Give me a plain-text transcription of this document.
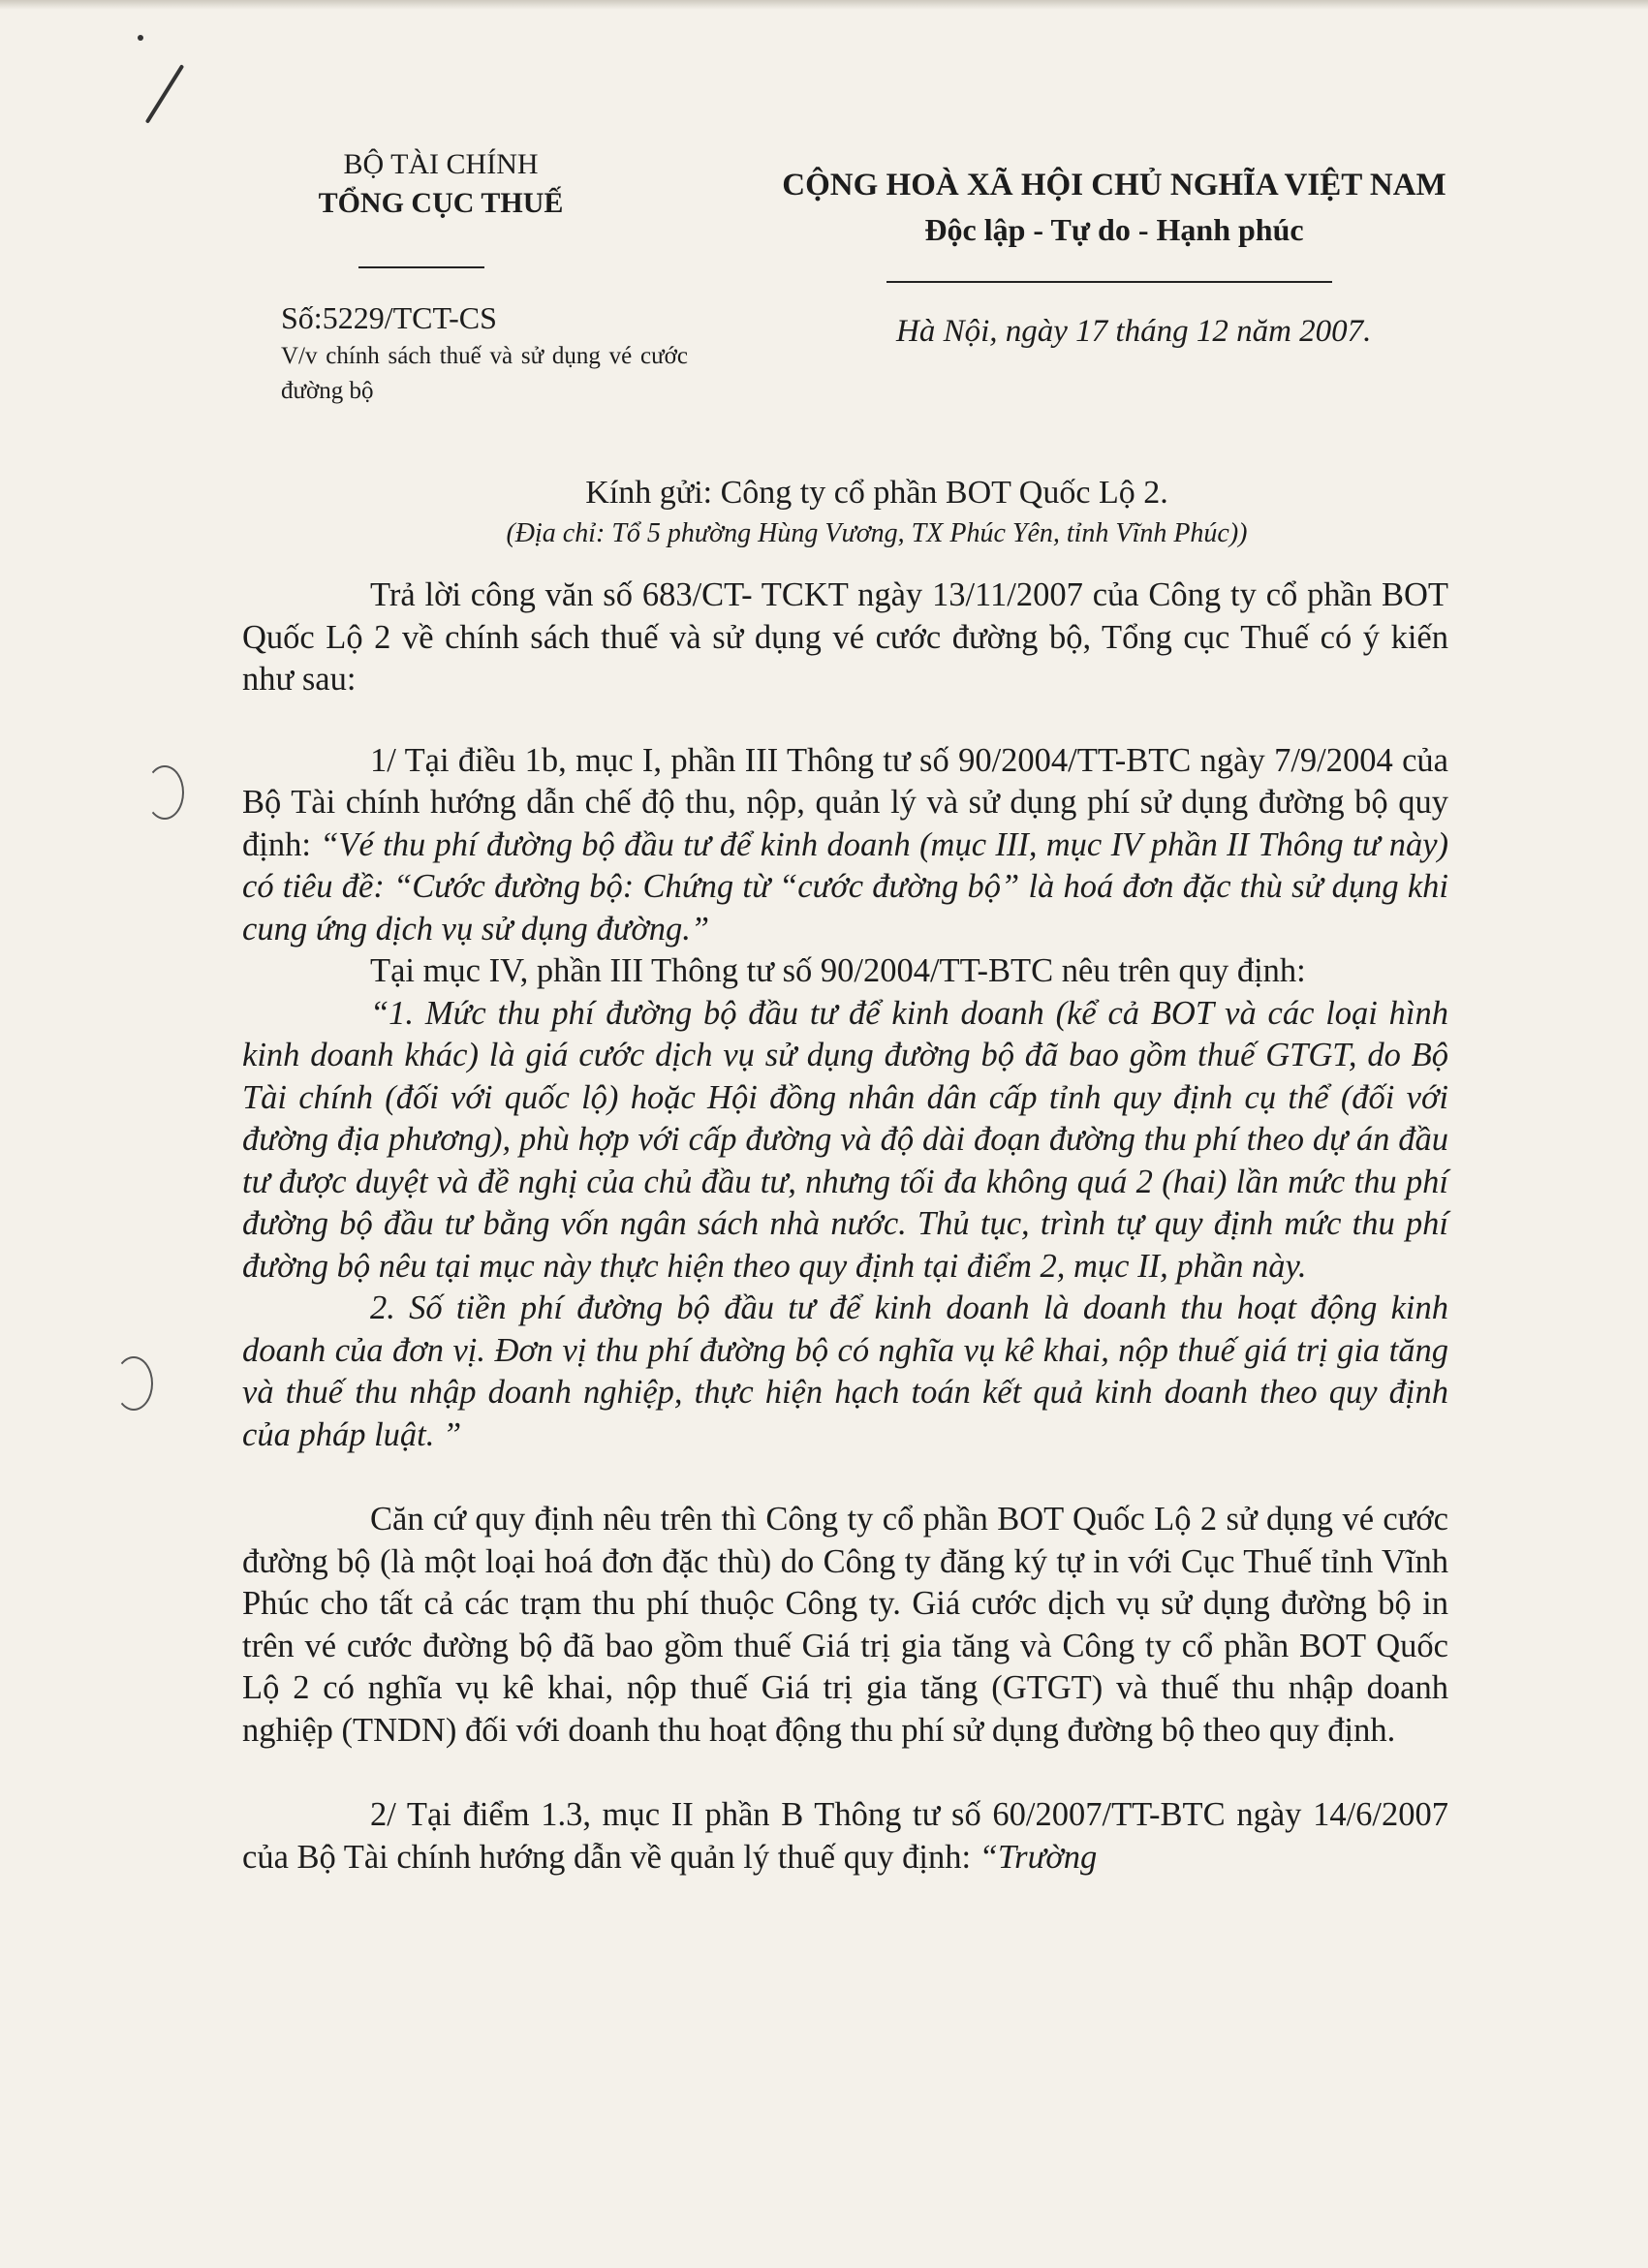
BỘ TÀI CHÍNH
TỔNG CỤC THUẾ
CỘNG HOÀ XÃ HỘI CHỦ NGHĨA VIỆT NAM
Độc lập - Tự do - Hạnh phúc
Số:5229/TCT-CS
V/v chính sách thuế và sử dụng vé cước đường bộ
Hà Nội, ngày 17 tháng 12 năm 2007.
Kính gửi: Công ty cổ phần BOT Quốc Lộ 2.
(Địa chỉ: Tổ 5 phường Hùng Vương, TX Phúc Yên, tỉnh Vĩnh Phúc))

Trả lời công văn số 683/CT- TCKT ngày 13/11/2007 của Công ty cổ phần BOT Quốc Lộ 2 về chính sách thuế và sử dụng vé cước đường bộ, Tổng cục Thuế có ý kiến như sau:

1/ Tại điều 1b, mục I, phần III Thông tư số 90/2004/TT-BTC ngày 7/9/2004 của Bộ Tài chính hướng dẫn chế độ thu, nộp, quản lý và sử dụng phí sử dụng đường bộ quy định: “Vé thu phí đường bộ đầu tư để kinh doanh (mục III, mục IV phần II Thông tư này) có tiêu đề: “Cước đường bộ: Chứng từ “cước đường bộ” là hoá đơn đặc thù sử dụng khi cung ứng dịch vụ sử dụng đường.”

Tại mục IV, phần III Thông tư số 90/2004/TT-BTC nêu trên quy định:

“1. Mức thu phí đường bộ đầu tư để kinh doanh (kể cả BOT và các loại hình kinh doanh khác) là giá cước dịch vụ sử dụng đường bộ đã bao gồm thuế GTGT, do Bộ Tài chính (đối với quốc lộ) hoặc Hội đồng nhân dân cấp tỉnh quy định cụ thể (đối với đường địa phương), phù hợp với cấp đường và độ dài đoạn đường thu phí theo dự án đầu tư được duyệt và đề nghị của chủ đầu tư, nhưng tối đa không quá 2 (hai) lần mức thu phí đường bộ đầu tư bằng vốn ngân sách nhà nước. Thủ tục, trình tự quy định mức thu phí đường bộ nêu tại mục này thực hiện theo quy định tại điểm 2, mục II, phần này.

2. Số tiền phí đường bộ đầu tư để kinh doanh là doanh thu hoạt động kinh doanh của đơn vị. Đơn vị thu phí đường bộ có nghĩa vụ kê khai, nộp thuế giá trị gia tăng và thuế thu nhập doanh nghiệp, thực hiện hạch toán kết quả kinh doanh theo quy định của pháp luật. ”

Căn cứ quy định nêu trên thì Công ty cổ phần BOT Quốc Lộ 2 sử dụng vé cước đường bộ (là một loại hoá đơn đặc thù) do Công ty đăng ký tự in với Cục Thuế tỉnh Vĩnh Phúc cho tất cả các trạm thu phí thuộc Công ty. Giá cước dịch vụ sử dụng đường bộ in trên vé cước đường bộ đã bao gồm thuế Giá trị gia tăng và Công ty cổ phần BOT Quốc Lộ 2 có nghĩa vụ kê khai, nộp thuế Giá trị gia tăng (GTGT) và thuế thu nhập doanh nghiệp (TNDN) đối với doanh thu hoạt động thu phí sử dụng đường bộ theo quy định.

2/ Tại điểm 1.3, mục II phần B Thông tư số 60/2007/TT-BTC ngày 14/6/2007 của Bộ Tài chính hướng dẫn về quản lý thuế quy định: “Trường
